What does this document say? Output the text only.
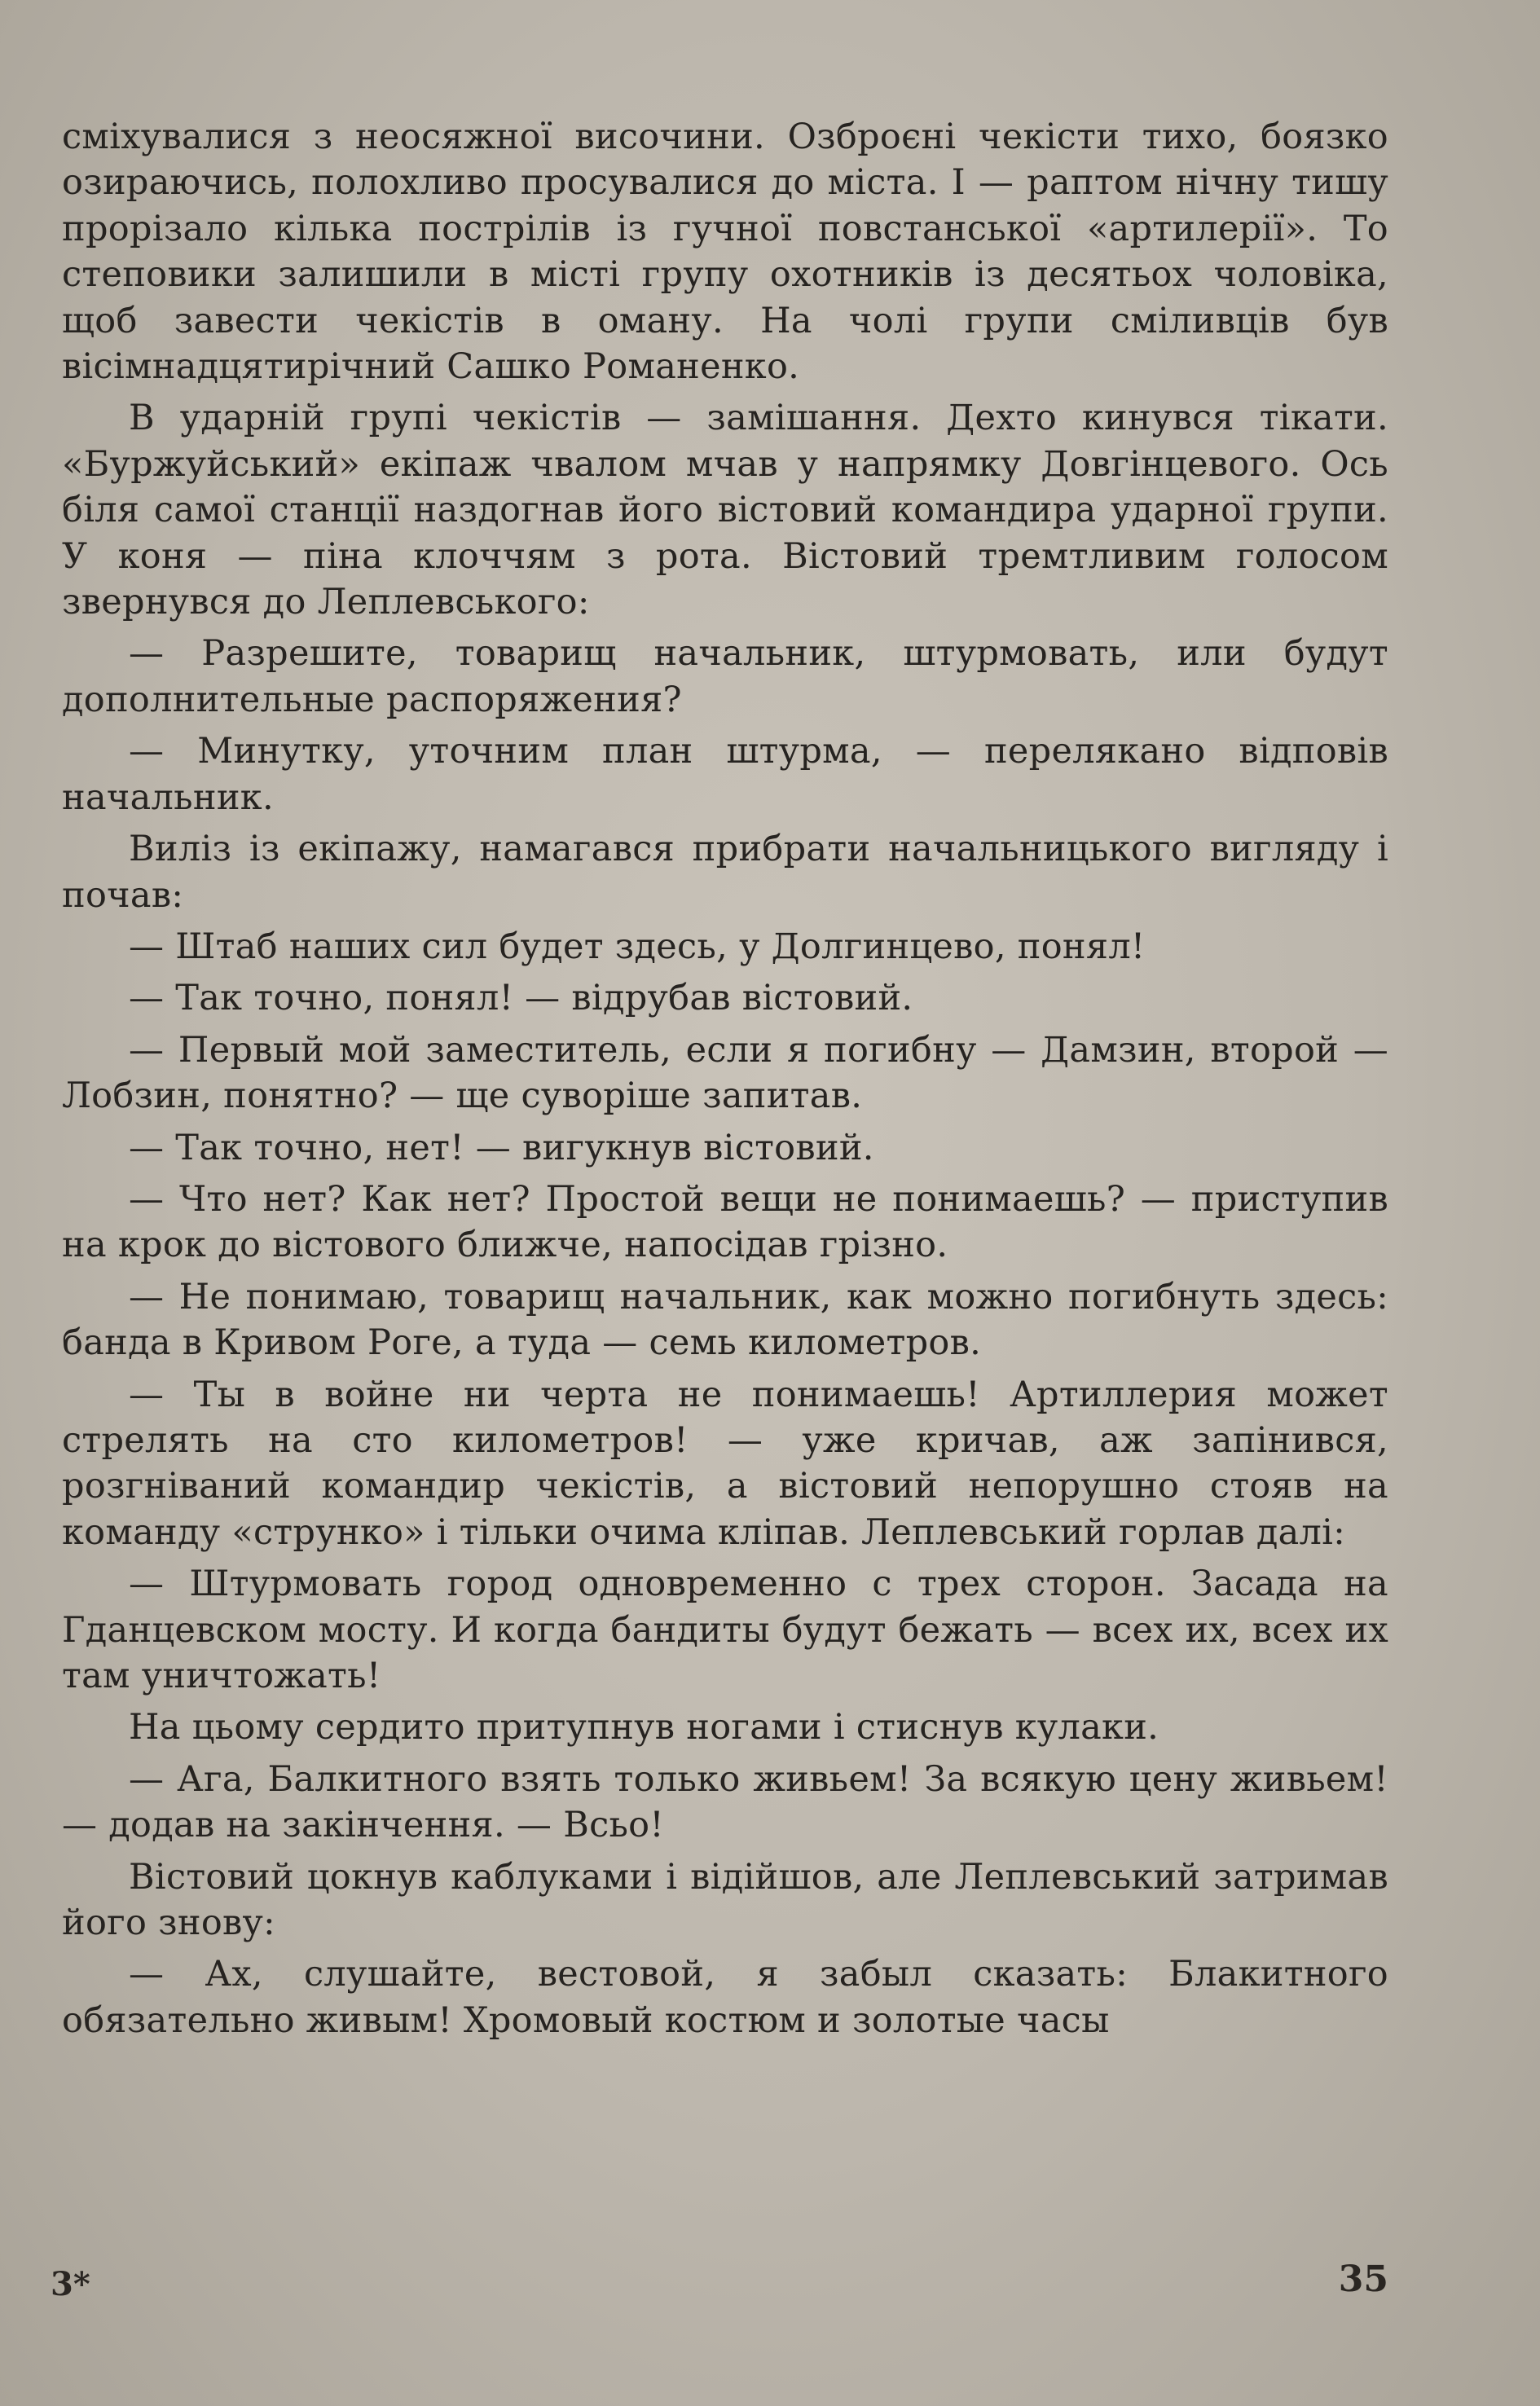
сміхувалися з неосяжної височини. Озброєні чекісти тихо, боязко озираючись, полохливо просувалися до міста. І — раптом нічну тишу прорізало кілька пострілів із гучної повстанської «артилерії». То степовики залишили в місті групу охотників із десятьох чоловіка, щоб завести чекістів в оману. На чолі групи сміливців був вісімнадцятирічний Сашко Романенко.

В ударній групі чекістів — замішання. Дехто кинувся тікати. «Буржуйський» екіпаж чвалом мчав у напрямку Довгінцевого. Ось біля самої станції наздогнав його вістовий командира ударної групи. У коня — піна клоччям з рота. Вістовий тремтливим голосом звернувся до Леплевського:

— Разрешите, товарищ начальник, штурмовать, или будут дополнительные распоряжения?

— Минутку, уточним план штурма, — переляканo відповів начальник.

Виліз із екіпажу, намагався прибрати начальницького вигляду і почав:

— Штаб наших сил будет здесь, у Долгинцево, понял!

— Так точно, понял! — відрубав вістовий.

— Первый мой заместитель, если я погибну — Дамзин, второй — Лобзин, понятно? — ще суворіше запитав.

— Так точно, нет! — вигукнув вістовий.

— Что нет? Как нет? Простой вещи не понимаешь? — приступив на крок до вістового ближче, напосідав грізно.

— Не понимаю, товарищ начальник, как можно погибнуть здесь: банда в Кривом Роге, а туда — семь километров.

— Ты в войне ни черта не понимаешь! Артиллерия может стрелять на сто километров! — уже кричав, аж запінився, розгніваний командир чекістів, а вістовий непорушно стояв на команду «струнко» і тільки очима кліпав. Леплевський горлав далі:

— Штурмовать город одновременно с трех сторон. Засада на Гданцевском мосту. И когда бандиты будут бежать — всех их, всех их там уничтожать!

На цьому сердито притупнув ногами і стиснув кулаки.

— Ага, Балкитного взять только живьем! За всякую цену живьем! — додав на закінчення. — Всьо!

Вістовий цокнув каблуками і відійшов, але Леплевський затримав його знову:

— Ах, слушайте, вестовой, я забыл сказать: Блакитного обязательно живым! Хромовый костюм и золотые часы

3*	35
